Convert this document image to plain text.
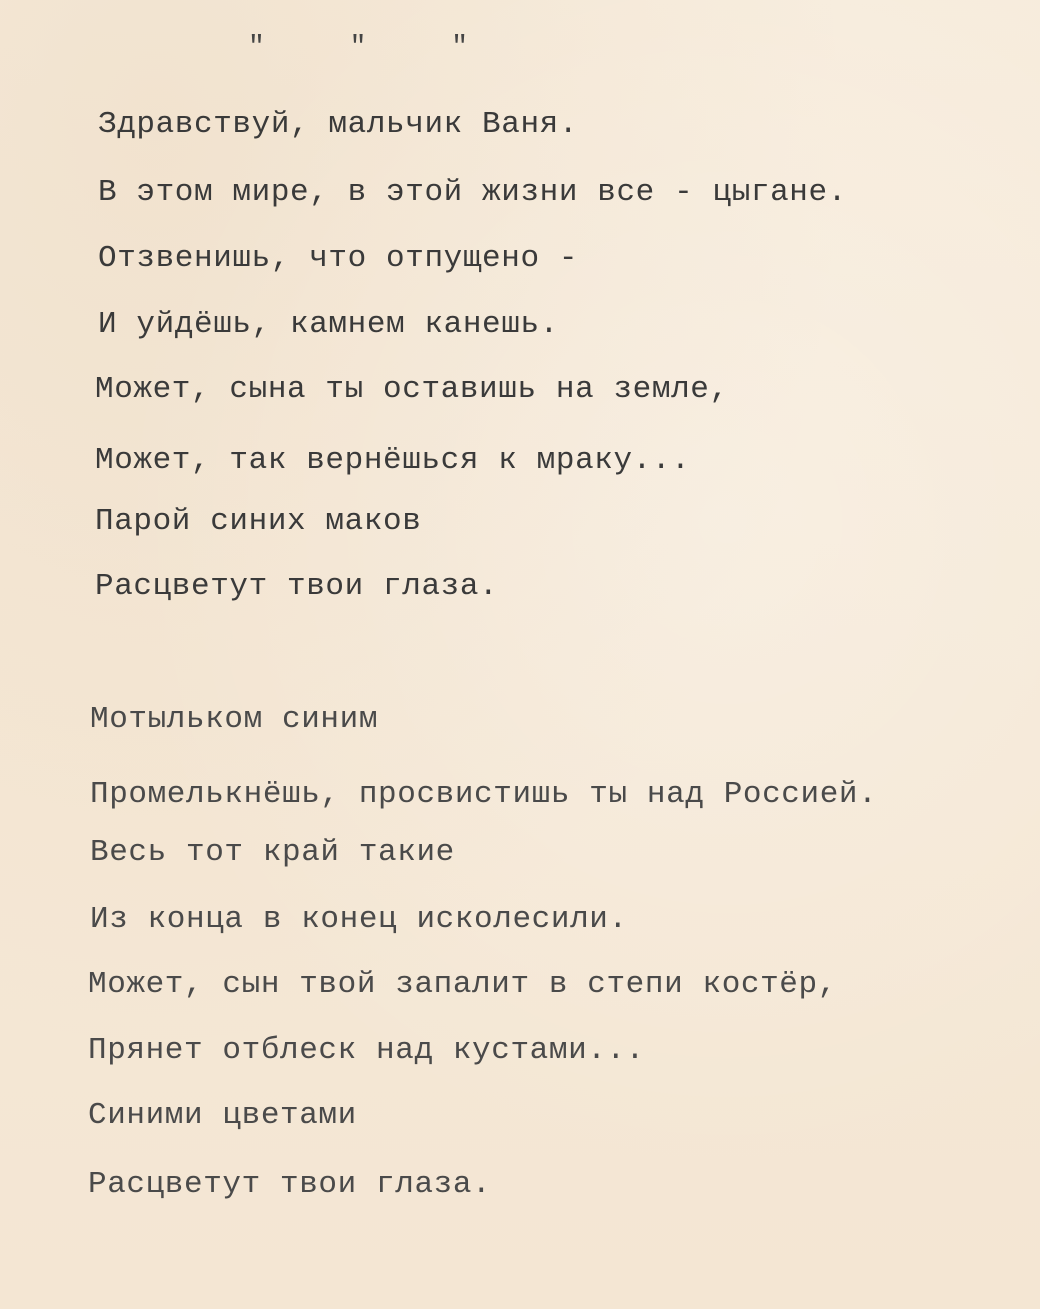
" " "
Здравствуй, мальчик Ваня.
В этом мире, в этой жизни все - цыгане.
Отзвенишь, что отпущено -
И уйдёшь, камнем канешь.
Может, сына ты оставишь на земле,
Может, так вернёшься к мраку...
Парой синих маков
Расцветут твои глаза.
Мотыльком синим
Промелькнёшь, просвистишь ты над Россией.
Весь тот край такие
Из конца в конец исколесили.
Может, сын твой запалит в степи костёр,
Прянет отблеск над кустами...
Синими цветами
Расцветут твои глаза.
